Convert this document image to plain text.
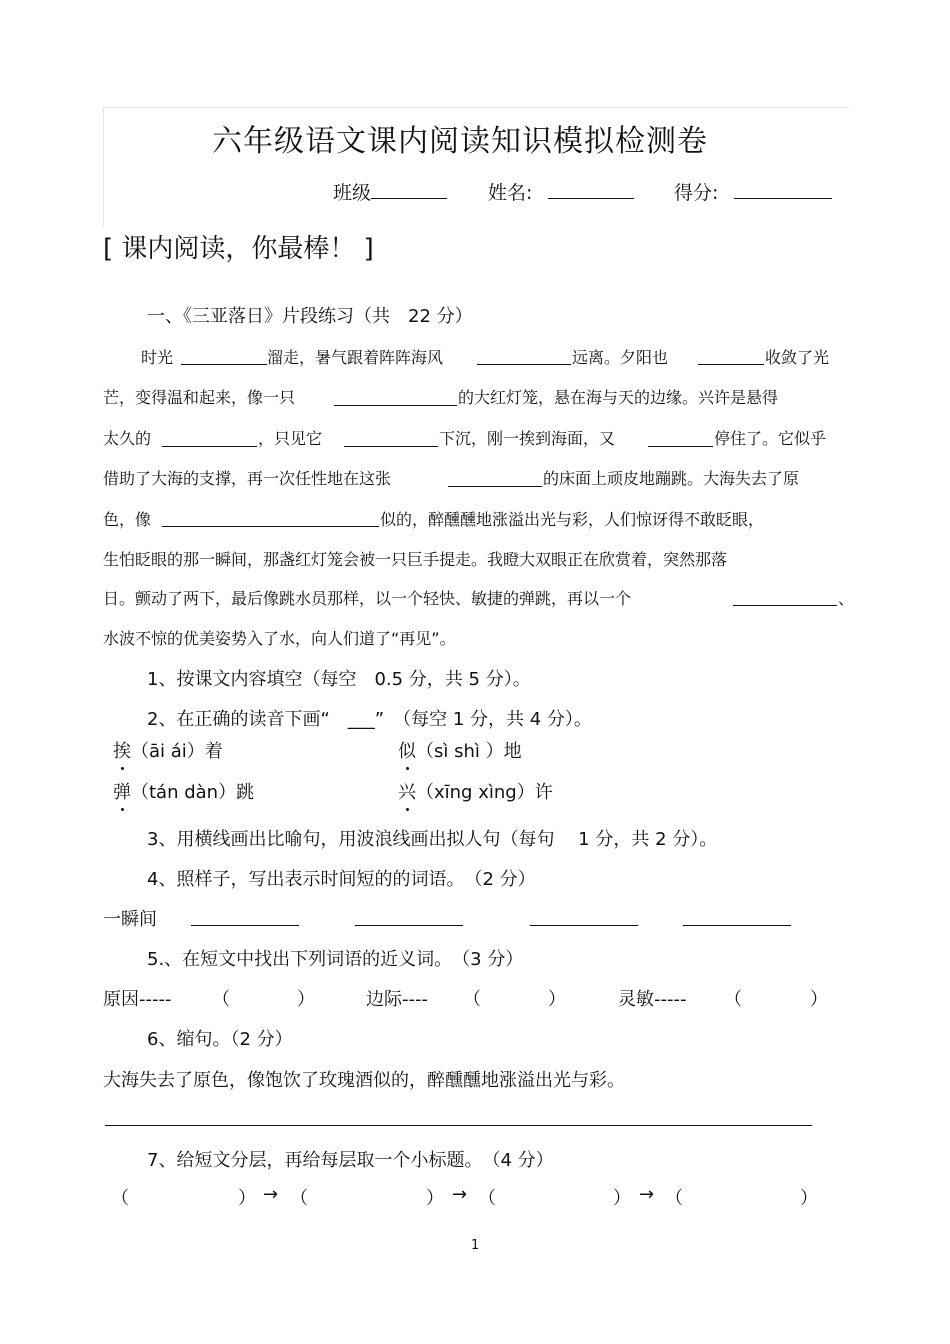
六年级语文课内阅读知识模拟检测卷
班级	姓名:	得分:
[ 课内阅读，你最棒！ ]
一、《三亚落日》片段练习（共　22 分）
时光	溜走，暑气跟着阵阵海风	远离。夕阳也	收敛了光
芒，变得温和起来，像一只	的大红灯笼，悬在海与天的边缘。兴许是悬得
太久的	，只见它	下沉，刚一挨到海面，又	停住了。它似乎
借助了大海的支撑，再一次任性地在这张	的床面上顽皮地蹦跳。大海失去了原
色，像	似的，醉醺醺地涨溢出光与彩，人们惊讶得不敢眨眼，
生怕眨眼的那一瞬间，那盏红灯笼会被一只巨手提走。我瞪大双眼正在欣赏着，突然那落
日。颤动了两下，最后像跳水员那样，以一个轻快、敏捷的弹跳，再以一个	、
水波不惊的优美姿势入了水，向人们道了“再见”。
1、按课文内容填空（每空　0.5 分，共 5 分）。
2、在正确的读音下画“　___”　（每空 1 分，共 4 分）。
挨（āi ái）着	似（sì shì ）地
弹（tán dàn）跳	兴（xīng xìng）许
3、用横线画出比喻句，用波浪线画出拟人句（每句　 1 分，共 2 分）。
4、照样子，写出表示时间短的的词语。　（2 分）
一瞬间
5.、在短文中找出下列词语的近义词。　（3 分）
原因----- （	）	边际---- （	）	灵敏----- （	）
6、缩句。（2 分）
大海失去了原色，像饱饮了玫瑰酒似的，醉醺醺地涨溢出光与彩。
7、给短文分层，再给每层取一个小标题。　（4 分）
（	） → （	） → （	） → （	）
1
